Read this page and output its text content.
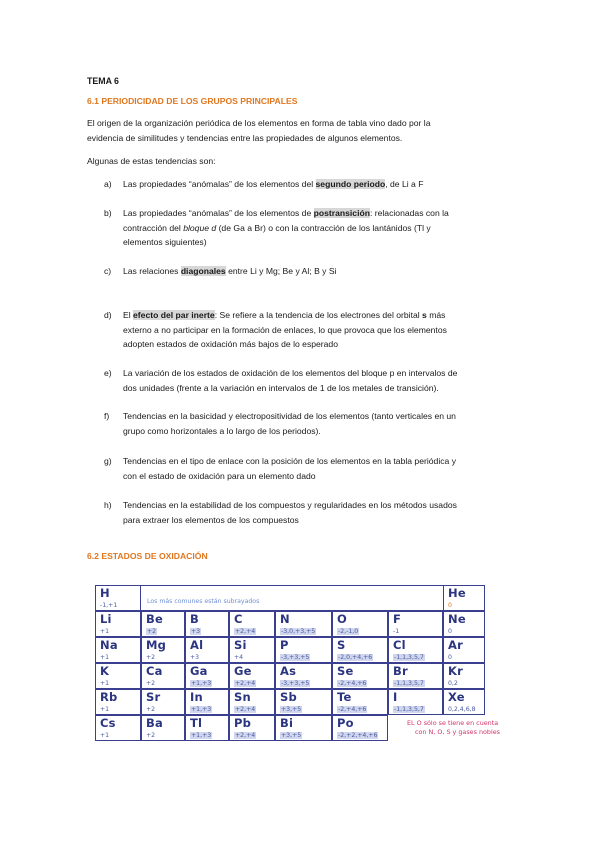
TEMA 6
6.1 PERIODICIDAD DE LOS GRUPOS PRINCIPALES
El origen de la organización periódica de los elementos en forma de tabla vino dado por la
evidencia de similitudes y tendencias entre las propiedades de algunos elementos.
Algunas de estas tendencias son:
a) Las propiedades “anómalas” de los elementos del segundo periodo, de Li a F
b) Las propiedades “anómalas” de los elementos de postransición: relacionadas con la
contracción del bloque d (de Ga a Br) o con la contracción de los lantánidos (Tl y
elementos siguientes)
c) Las relaciones diagonales entre Li y Mg; Be y Al; B y Si
d) El efecto del par inerte: Se refiere a la tendencia de los electrones del orbital s más
externo a no participar en la formación de enlaces, lo que provoca que los elementos
adopten estados de oxidación más bajos de lo esperado
e) La variación de los estados de oxidación de los elementos del bloque p en intervalos de
dos unidades (frente a la variación en intervalos de 1 de los metales de transición).
f) Tendencias en la basicidad y electropositividad de los elementos (tanto verticales en un
grupo como horizontales a lo largo de los periodos).
g) Tendencias en el tipo de enlace con la posición de los elementos en la tabla periódica y
con el estado de oxidación para un elemento dado
h) Tendencias en la estabilidad de los compuestos y regularidades en los métodos usados
para extraer los elementos de los compuestos
6.2 ESTADOS DE OXIDACIÓN
Los más comunes están subrayados
EL O sólo se tiene en cuenta
con N, O, S y gases nobles
H
-1,+1
He
0
Li
+1
Be
+2
B
+3
C
+2,+4
N
-3,0,+3,+5
O
-2,-1,0
F
-1
Ne
0
Na
+1
Mg
+2
Al
+3
Si
+4
P
-3,+3,+5
S
-2,0,+4,+6
Cl
-1,1,3,5,7
Ar
0
K
+1
Ca
+2
Ga
+1,+3
Ge
+2,+4
As
-3,+3,+5
Se
-2,+4,+6
Br
-1,1,3,5,7
Kr
0,2
Rb
+1
Sr
+2
In
+1,+3
Sn
+2,+4
Sb
+3,+5
Te
-2,+4,+6
I
-1,1,3,5,7
Xe
0,2,4,6,8
Cs
+1
Ba
+2
Tl
+1,+3
Pb
+2,+4
Bi
+3,+5
Po
-2,+2,+4,+6
